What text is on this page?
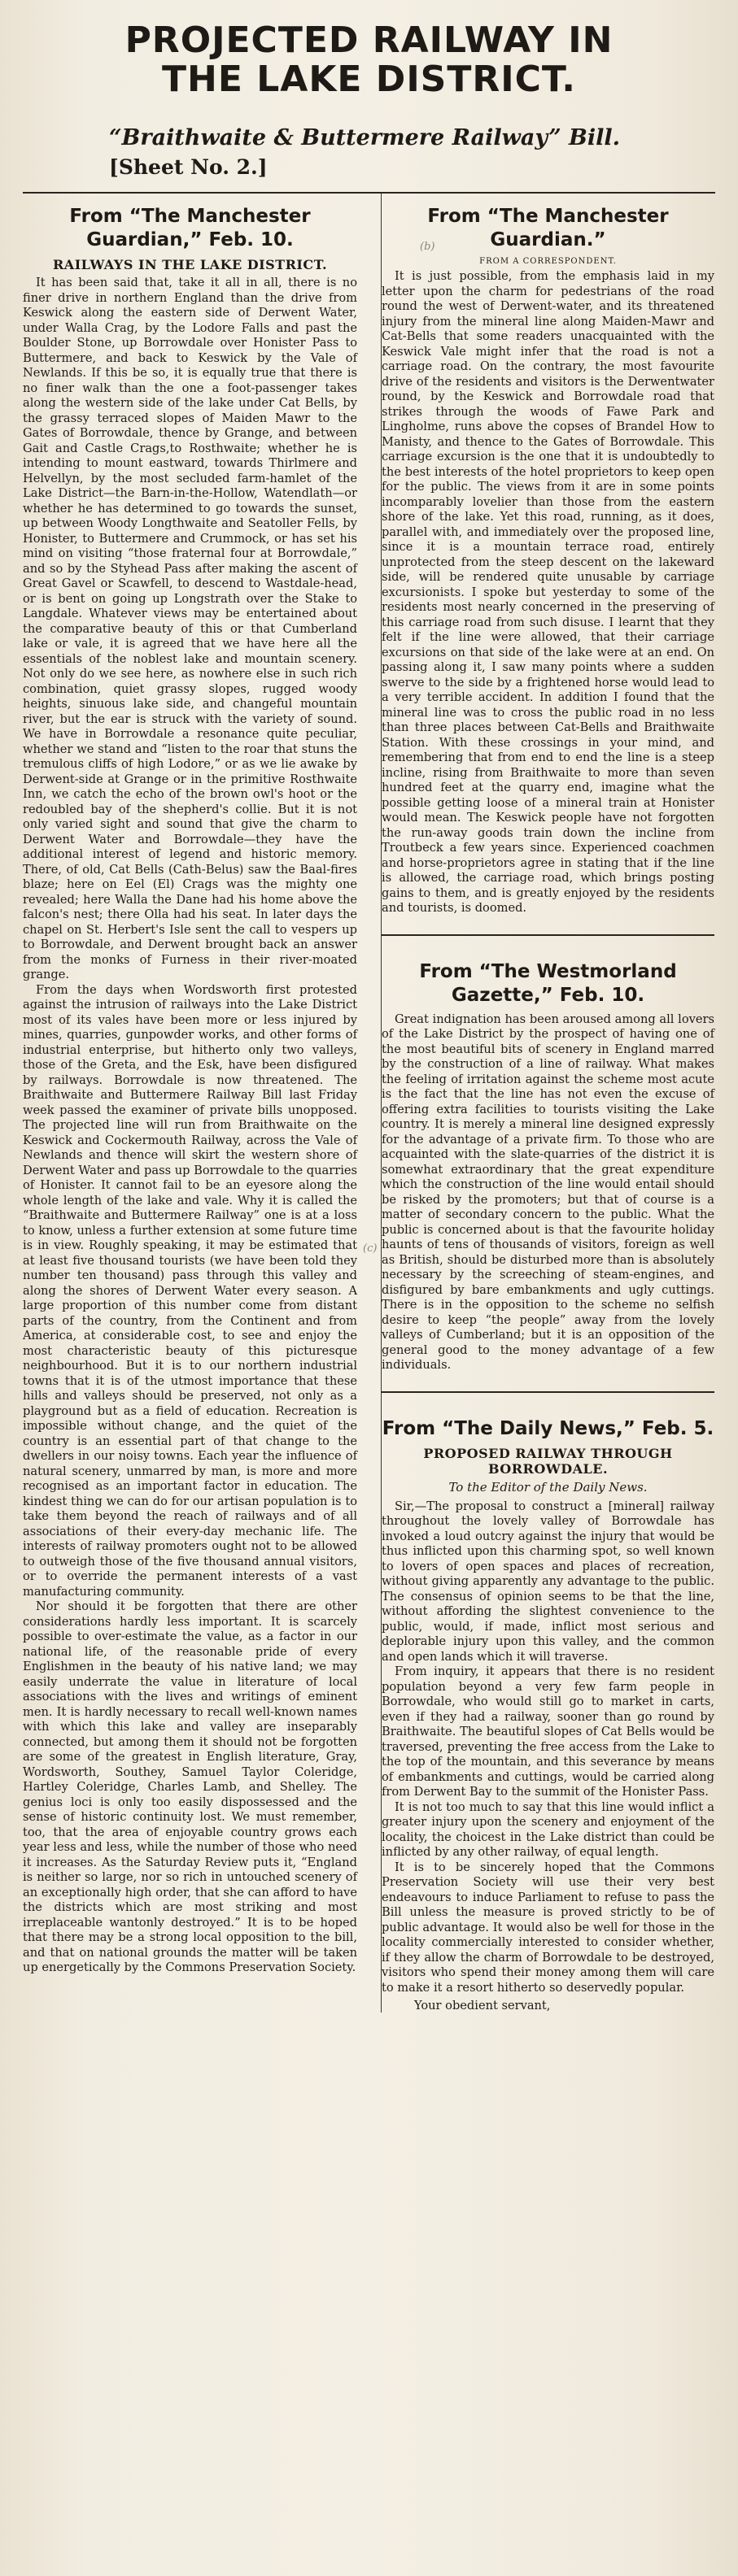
PROJECTED RAILWAY IN
THE LAKE DISTRICT.
“Braithwaite & Buttermere Railway” Bill.
[Sheet No. 2.]
From “The Manchester Guardian,” Feb. 10.
RAILWAYS IN THE LAKE DISTRICT.

It has been said that, take it all in all, there is no finer drive in northern England than the drive from Keswick along the eastern side of Derwent Water, under Walla Crag, by the Lodore Falls and past the Boulder Stone, up Borrowdale over Honister Pass to Buttermere, and back to Keswick by the Vale of Newlands. If this be so, it is equally true that there is no finer walk than the one a foot-passenger takes along the western side of the lake under Cat Bells, by the grassy terraced slopes of Maiden Mawr to the Gates of Borrowdale, thence by Grange, and between Gait and Castle Crags,to Rosthwaite; whether he is intending to mount eastward, towards Thirlmere and Helvellyn, by the most secluded farm-hamlet of the Lake District—the Barn-in-the-Hollow, Watendlath—or whether he has determined to go towards the sunset, up between Woody Longthwaite and Seatoller Fells, by Honister, to Buttermere and Crummock, or has set his mind on visiting “those fraternal four at Borrowdale,” and so by the Styhead Pass after making the ascent of Great Gavel or Scawfell, to descend to Wastdale-head, or is bent on going up Longstrath over the Stake to Langdale. Whatever views may be entertained about the comparative beauty of this or that Cumberland lake or vale, it is agreed that we have here all the essentials of the noblest lake and mountain scenery. Not only do we see here, as nowhere else in such rich combination, quiet grassy slopes, rugged woody heights, sinuous lake side, and changeful mountain river, but the ear is struck with the variety of sound. We have in Borrowdale a resonance quite peculiar, whether we stand and “listen to the roar that stuns the tremulous cliffs of high Lodore,” or as we lie awake by Derwent-side at Grange or in the primitive Rosthwaite Inn, we catch the echo of the brown owl's hoot or the redoubled bay of the shepherd's collie. But it is not only varied sight and sound that give the charm to Derwent Water and Borrowdale—they have the additional interest of legend and historic memory. There, of old, Cat Bells (Cath-Belus) saw the Baal-fires blaze; here on Eel (El) Crags was the mighty one revealed; here Walla the Dane had his home above the falcon's nest; there Olla had his seat. In later days the chapel on St. Herbert's Isle sent the call to vespers up to Borrowdale, and Derwent brought back an answer from the monks of Furness in their river-moated grange.

From the days when Wordsworth first protested against the intrusion of railways into the Lake District most of its vales have been more or less injured by mines, quarries, gunpowder works, and other forms of industrial enterprise, but hitherto only two valleys, those of the Greta, and the Esk, have been disfigured by railways. Borrowdale is now threatened. The Braithwaite and Buttermere Railway Bill last Friday week passed the examiner of private bills unopposed. The projected line will run from Braithwaite on the Keswick and Cockermouth Railway, across the Vale of Newlands and thence will skirt the western shore of Derwent Water and pass up Borrowdale to the quarries of Honister. It cannot fail to be an eyesore along the whole length of the lake and vale. Why it is called the “Braithwaite and Buttermere Railway” one is at a loss to know, unless a further extension at some future time is in view. Roughly speaking, it may be estimated that at least five thousand tourists (we have been told they number ten thousand) pass through this valley and along the shores of Derwent Water every season. A large proportion of this number come from distant parts of the country, from the Continent and from America, at considerable cost, to see and enjoy the most characteristic beauty of this picturesque neighbourhood. But it is to our northern industrial towns that it is of the utmost importance that these hills and valleys should be preserved, not only as a playground but as a field of education. Recreation is impossible without change, and the quiet of the country is an essential part of that change to the dwellers in our noisy towns. Each year the influence of natural scenery, unmarred by man, is more and more recognised as an important factor in education. The kindest thing we can do for our artisan population is to take them beyond the reach of railways and of all associations of their every-day mechanic life. The interests of railway promoters ought not to be allowed to outweigh those of the five thousand annual visitors, or to override the permanent interests of a vast manufacturing community.

Nor should it be forgotten that there are other considerations hardly less important. It is scarcely possible to over-estimate the value, as a factor in our national life, of the reasonable pride of every Englishmen in the beauty of his native land; we may easily underrate the value in literature of local associations with the lives and writings of eminent men. It is hardly necessary to recall well-known names with which this lake and valley are inseparably connected, but among them it should not be forgotten are some of the greatest in English literature, Gray, Wordsworth, Southey, Samuel Taylor Coleridge, Hartley Coleridge, Charles Lamb, and Shelley. The genius loci is only too easily dispossessed and the sense of historic continuity lost. We must remember, too, that the area of enjoyable country grows each year less and less, while the number of those who need it increases. As the Saturday Review puts it, “England is neither so large, nor so rich in untouched scenery of an exceptionally high order, that she can afford to have the districts which are most striking and most irreplaceable wantonly destroyed.” It is to be hoped that there may be a strong local opposition to the bill, and that on national grounds the matter will be taken up energetically by the Commons Preservation Society.

From “The Manchester Guardian.”
FROM A CORRESPONDENT.

It is just possible, from the emphasis laid in my letter upon the charm for pedestrians of the road round the west of Derwent-water, and its threatened injury from the mineral line along Maiden-Mawr and Cat-Bells that some readers unacquainted with the Keswick Vale might infer that the road is not a carriage road. On the contrary, the most favourite drive of the residents and visitors is the Derwentwater round, by the Keswick and Borrowdale road that strikes through the woods of Fawe Park and Lingholme, runs above the copses of Brandel How to Manisty, and thence to the Gates of Borrowdale. This carriage excursion is the one that it is undoubtedly to the best interests of the hotel proprietors to keep open for the public. The views from it are in some points incomparably lovelier than those from the eastern shore of the lake. Yet this road, running, as it does, parallel with, and immediately over the proposed line, since it is a mountain terrace road, entirely unprotected from the steep descent on the lakeward side, will be rendered quite unusable by carriage excursionists. I spoke but yesterday to some of the residents most nearly concerned in the preserving of this carriage road from such disuse. I learnt that they felt if the line were allowed, that their carriage excursions on that side of the lake were at an end. On passing along it, I saw many points where a sudden swerve to the side by a frightened horse would lead to a very terrible accident. In addition I found that the mineral line was to cross the public road in no less than three places between Cat-Bells and Braithwaite Station. With these crossings in your mind, and remembering that from end to end the line is a steep incline, rising from Braithwaite to more than seven hundred feet at the quarry end, imagine what the possible getting loose of a mineral train at Honister would mean. The Keswick people have not forgotten the run-away goods train down the incline from Troutbeck a few years since. Experienced coachmen and horse-proprietors agree in stating that if the line is allowed, the carriage road, which brings posting gains to them, and is greatly enjoyed by the residents and tourists, is doomed.

From “The Westmorland Gazette,” Feb. 10.

Great indignation has been aroused among all lovers of the Lake District by the prospect of having one of the most beautiful bits of scenery in England marred by the construction of a line of railway. What makes the feeling of irritation against the scheme most acute is the fact that the line has not even the excuse of offering extra facilities to tourists visiting the Lake country. It is merely a mineral line designed expressly for the advantage of a private firm. To those who are acquainted with the slate-quarries of the district it is somewhat extraordinary that the great expenditure which the construction of the line would entail should be risked by the promoters; but that of course is a matter of secondary concern to the public. What the public is concerned about is that the favourite holiday haunts of tens of thousands of visitors, foreign as well as British, should be disturbed more than is absolutely necessary by the screeching of steam-engines, and disfigured by bare embankments and ugly cuttings. There is in the opposition to the scheme no selfish desire to keep “the people” away from the lovely valleys of Cumberland; but it is an opposition of the general good to the money advantage of a few individuals.

From “The Daily News,” Feb. 5.
PROPOSED RAILWAY THROUGH BORROWDALE.
To the Editor of the Daily News.

Sir,—The proposal to construct a [mineral] railway throughout the lovely valley of Borrowdale has invoked a loud outcry against the injury that would be thus inflicted upon this charming spot, so well known to lovers of open spaces and places of recreation, without giving apparently any advantage to the public. The consensus of opinion seems to be that the line, without affording the slightest convenience to the public, would, if made, inflict most serious and deplorable injury upon this valley, and the common and open lands which it will traverse.

From inquiry, it appears that there is no resident population beyond a very few farm people in Borrowdale, who would still go to market in carts, even if they had a railway, sooner than go round by Braithwaite. The beautiful slopes of Cat Bells would be traversed, preventing the free access from the Lake to the top of the mountain, and this severance by means of embankments and cuttings, would be carried along from Derwent Bay to the summit of the Honister Pass.

It is not too much to say that this line would inflict a greater injury upon the scenery and enjoyment of the locality, the choicest in the Lake district than could be inflicted by any other railway, of equal length.

It is to be sincerely hoped that the Commons Preservation Society will use their very best endeavours to induce Parliament to refuse to pass the Bill unless the measure is proved strictly to be of public advantage. It would also be well for those in the locality commercially interested to consider whether, if they allow the charm of Borrowdale to be destroyed, visitors who spend their money among them will care to make it a resort hitherto so deservedly popular.

Your obedient servant,
(b)
(c)
